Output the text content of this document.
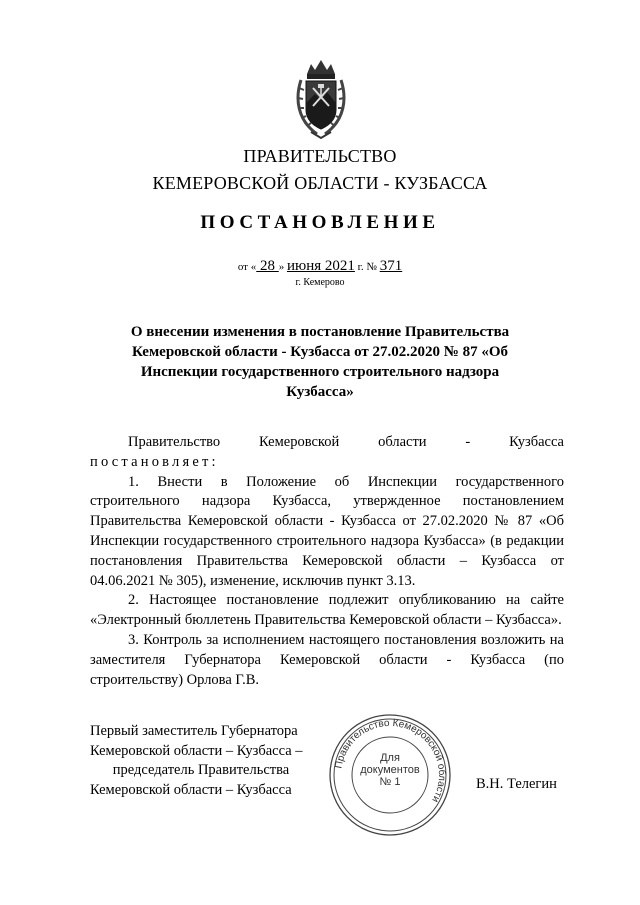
ПРАВИТЕЛЬСТВО
КЕМЕРОВСКОЙ ОБЛАСТИ - КУЗБАССА
ПОСТАНОВЛЕНИЕ
от « 28 » июня 2021 г. № 371
г. Кемерово
О внесении изменения в постановление Правительства Кемеровской области - Кузбасса от 27.02.2020 № 87 «Об Инспекции государственного строительного надзора Кузбасса»

Правительство Кемеровской области - Кузбасса

постановляет:

1. Внести в Положение об Инспекции государственного строительного надзора Кузбасса, утвержденное постановлением Правительства Кемеровской области - Кузбасса от 27.02.2020 № 87 «Об Инспекции государственного строительного надзора Кузбасса» (в редакции постановления Правительства Кемеровской области – Кузбасса от 04.06.2021 № 305), изменение, исключив пункт 3.13.

2. Настоящее постановление подлежит опубликованию на сайте «Электронный бюллетень Правительства Кемеровской области – Кузбасса».

3. Контроль за исполнением настоящего постановления возложить на заместителя Губернатора Кемеровской области - Кузбасса (по строительству) Орлова Г.В.

Первый заместитель Губернатора
Кемеровской области – Кузбасса –
председатель Правительства
Кемеровской области – Кузбасса
Правительство Кемеровской области
Для
документов
№ 1	В.Н. Телегин
